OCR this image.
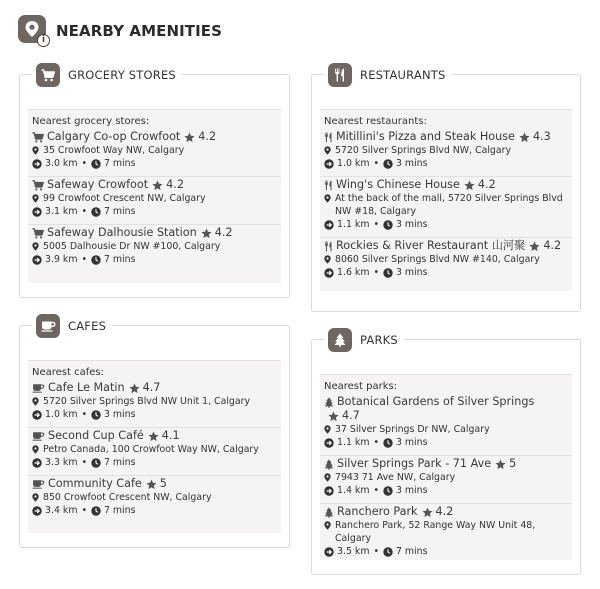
i NEARBY AMENITIES
GROCERY STORES
Nearest grocery stores:
Calgary Co-op Crowfoot 4.2
35 Crowfoot Way NW, Calgary
3.0 km • 7 mins
Safeway Crowfoot 4.2
99 Crowfoot Crescent NW, Calgary
3.1 km • 7 mins
Safeway Dalhousie Station 4.2
5005 Dalhousie Dr NW #100, Calgary
3.9 km • 7 mins
RESTAURANTS
Nearest restaurants:
Mitillini's Pizza and Steak House 4.3
5720 Silver Springs Blvd NW, Calgary
1.0 km • 3 mins
Wing's Chinese House 4.2
At the back of the mall, 5720 Silver Springs Blvd NW #18, Calgary
1.1 km • 3 mins
Rockies & River Restaurant 山河聚 4.2
8060 Silver Springs Blvd NW #140, Calgary
1.6 km • 3 mins
CAFES
Nearest cafes:
Cafe Le Matin 4.7
5720 Silver Springs Blvd NW Unit 1, Calgary
1.0 km • 3 mins
Second Cup Café 4.1
Petro Canada, 100 Crowfoot Way NW, Calgary
3.3 km • 7 mins
Community Cafe 5
850 Crowfoot Crescent NW, Calgary
3.4 km • 7 mins
PARKS
Nearest parks:
Botanical Gardens of Silver Springs
4.7
37 Silver Springs Dr NW, Calgary
1.1 km • 3 mins
Silver Springs Park - 71 Ave 5
7943 71 Ave NW, Calgary
1.4 km • 3 mins
Ranchero Park 4.2
Ranchero Park, 52 Range Way NW Unit 48, Calgary
3.5 km • 7 mins
